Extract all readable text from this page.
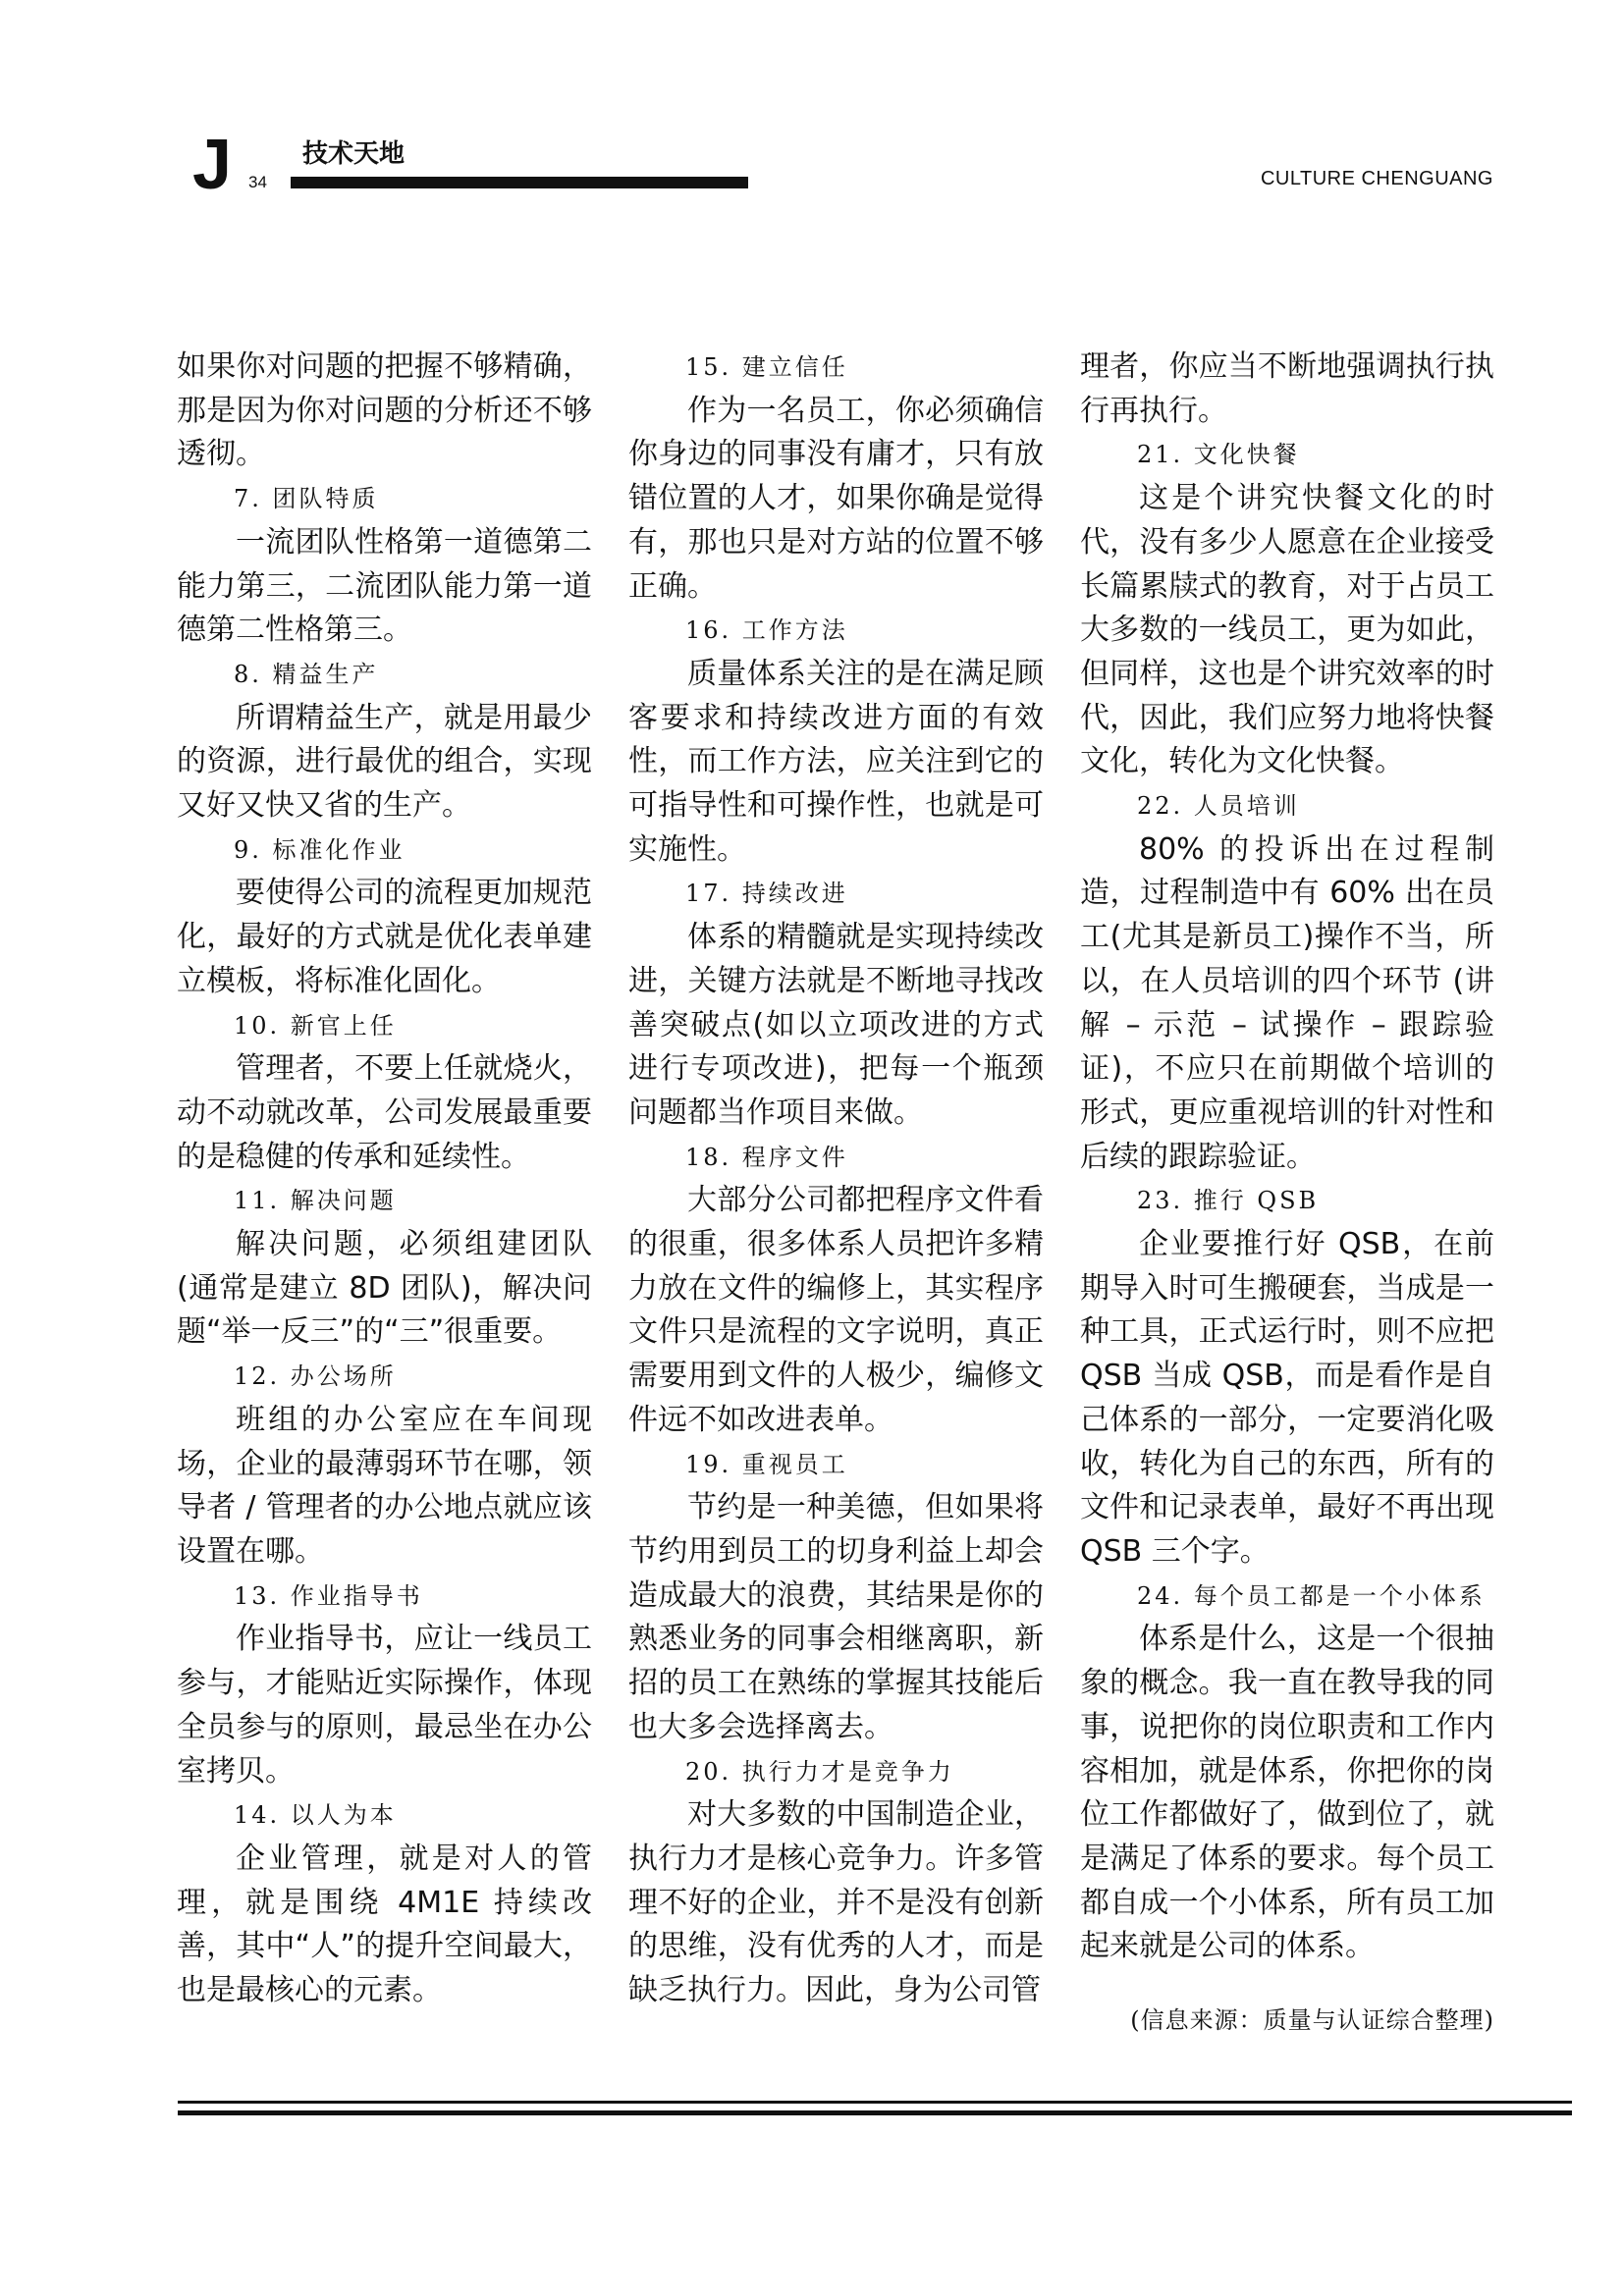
J 34
技术天地
CULTURE CHENGUANG

如果你对问题的把握不够精确，那是因为你对问题的分析还不够透彻。

7. 团队特质

一流团队性格第一道德第二能力第三，二流团队能力第一道德第二性格第三。

8. 精益生产

所谓精益生产，就是用最少的资源，进行最优的组合，实现又好又快又省的生产。

9. 标准化作业

要使得公司的流程更加规范化，最好的方式就是优化表单建立模板，将标准化固化。

10. 新官上任

管理者，不要上任就烧火，动不动就改革，公司发展最重要的是稳健的传承和延续性。

11. 解决问题

解决问题，必须组建团队(通常是建立 8D 团队)，解决问题“举一反三”的“三”很重要。

12. 办公场所

班组的办公室应在车间现场，企业的最薄弱环节在哪，领导者 / 管理者的办公地点就应该设置在哪。

13. 作业指导书

作业指导书，应让一线员工参与，才能贴近实际操作，体现全员参与的原则，最忌坐在办公室拷贝。

14. 以人为本

企业管理，就是对人的管理，就是围绕 4M1E 持续改善，其中“人”的提升空间最大，也是最核心的元素。

15. 建立信任

作为一名员工，你必须确信你身边的同事没有庸才，只有放错位置的人才，如果你确是觉得有，那也只是对方站的位置不够正确。

16. 工作方法

质量体系关注的是在满足顾客要求和持续改进方面的有效性，而工作方法，应关注到它的可指导性和可操作性，也就是可实施性。

17. 持续改进

体系的精髓就是实现持续改进，关键方法就是不断地寻找改善突破点(如以立项改进的方式进行专项改进)，把每一个瓶颈问题都当作项目来做。

18. 程序文件

大部分公司都把程序文件看的很重，很多体系人员把许多精力放在文件的编修上，其实程序文件只是流程的文字说明，真正需要用到文件的人极少，编修文件远不如改进表单。

19. 重视员工

节约是一种美德，但如果将节约用到员工的切身利益上却会造成最大的浪费，其结果是你的熟悉业务的同事会相继离职，新招的员工在熟练的掌握其技能后也大多会选择离去。

20. 执行力才是竞争力

对大多数的中国制造企业，执行力才是核心竞争力。许多管理不好的企业，并不是没有创新的思维，没有优秀的人才，而是缺乏执行力。因此，身为公司管

理者，你应当不断地强调执行执行再执行。

21. 文化快餐

这是个讲究快餐文化的时代，没有多少人愿意在企业接受长篇累牍式的教育，对于占员工大多数的一线员工，更为如此，但同样，这也是个讲究效率的时代，因此，我们应努力地将快餐文化，转化为文化快餐。

22. 人员培训

80% 的投诉出在过程制造，过程制造中有 60% 出在员工(尤其是新员工)操作不当，所以，在人员培训的四个环节 (讲解 – 示范 – 试操作 – 跟踪验证)，不应只在前期做个培训的形式，更应重视培训的针对性和后续的跟踪验证。

23. 推行 QSB

企业要推行好 QSB，在前期导入时可生搬硬套，当成是一种工具，正式运行时，则不应把 QSB 当成 QSB，而是看作是自己体系的一部分，一定要消化吸收，转化为自己的东西，所有的文件和记录表单，最好不再出现 QSB 三个字。

24. 每个员工都是一个小体系

体系是什么，这是一个很抽象的概念。我一直在教导我的同事，说把你的岗位职责和工作内容相加，就是体系，你把你的岗位工作都做好了，做到位了，就是满足了体系的要求。每个员工都自成一个小体系，所有员工加起来就是公司的体系。

(信息来源：质量与认证综合整理)
